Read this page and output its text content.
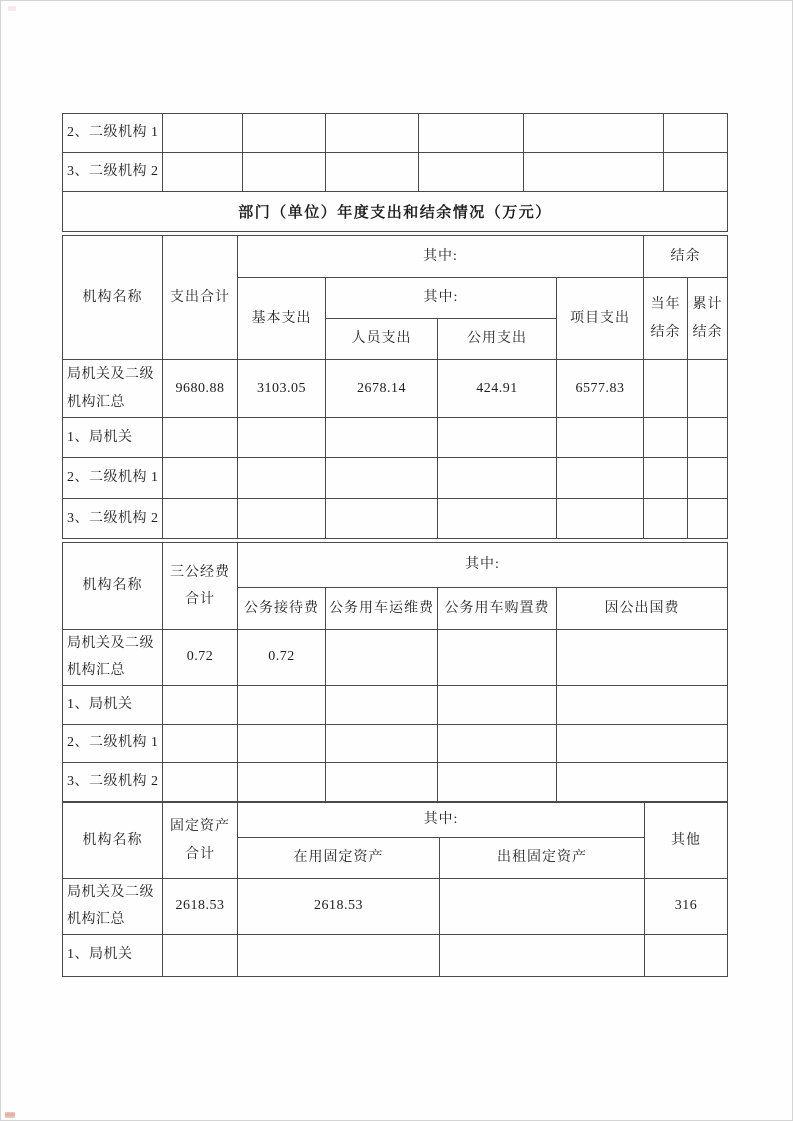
2、二级机构 1						
3、二级机构 2						
部门（单位）年度支出和结余情况（万元）						
机构名称	支出合计	其中:				结余	
		基本支出	其中:		项目支出	当年结余	累计结余
			人员支出	公用支出			
局机关及二级机构汇总	9680.88	3103.05	2678.14	424.91	6577.83		
1、局机关							
2、二级机构 1							
3、二级机构 2							
机构名称	三公经费合计	其中:			
		公务接待费	公务用车运维费	公务用车购置费	因公出国费
局机关及二级机构汇总	0.72	0.72			
1、局机关					
2、二级机构 1					
3、二级机构 2					
机构名称	固定资产合计	其中:		其他
		在用固定资产	出租固定资产	
局机关及二级机构汇总	2618.53	2618.53		316
1、局机关				
